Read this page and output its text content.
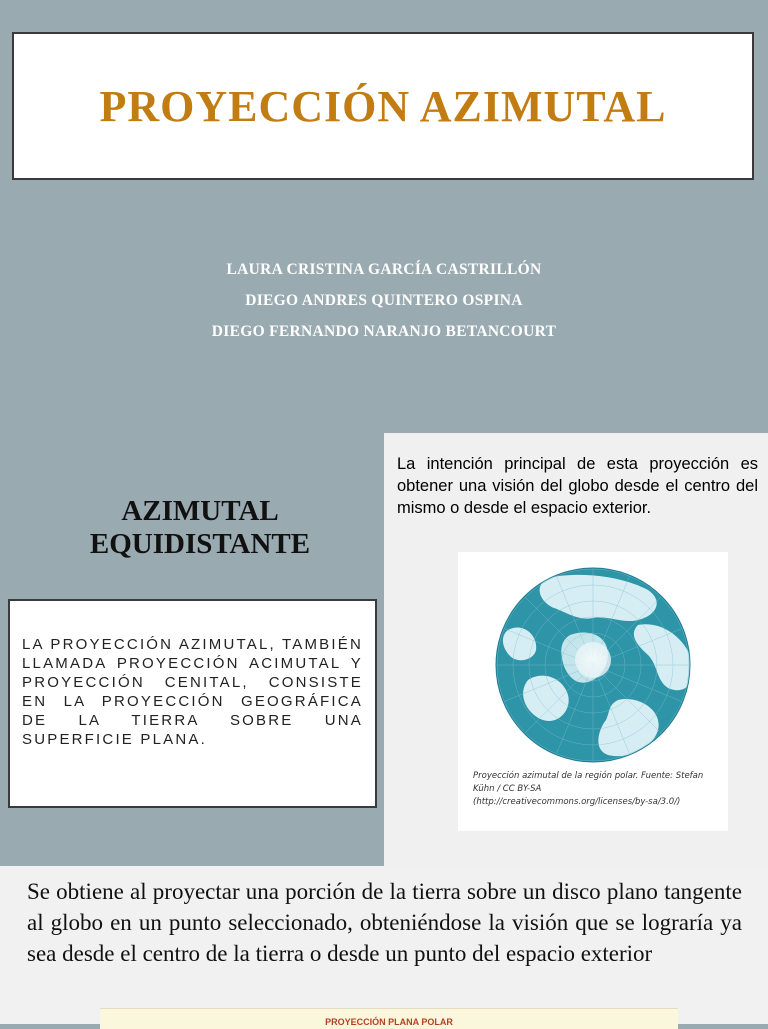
PROYECCIÓN AZIMUTAL
LAURA CRISTINA GARCÍA CASTRILLÓN
DIEGO ANDRES QUINTERO OSPINA
DIEGO FERNANDO NARANJO BETANCOURT
AZIMUTAL
EQUIDISTANTE
LA PROYECCIÓN AZIMUTAL, TAMBIÉN LLAMADA PROYECCIÓN ACIMUTAL Y PROYECCIÓN CENITAL, CONSISTE EN LA PROYECCIÓN GEOGRÁFICA DE LA TIERRA SOBRE UNA SUPERFICIE PLANA.

La intención principal de esta proyección es obtener una visión del globo desde el centro del mismo o desde el espacio exterior.

Proyección azimutal de la región polar. Fuente: Stefan Kühn / CC BY-SA (http://creativecommons.org/licenses/by-sa/3.0/)

Se obtiene al proyectar una porción de la tierra sobre un disco plano tangente al globo en un punto seleccionado, obteniéndose la visión que se lograría ya sea desde el centro de la tierra o desde un punto del espacio exterior

PROYECCIÓN PLANA POLAR
